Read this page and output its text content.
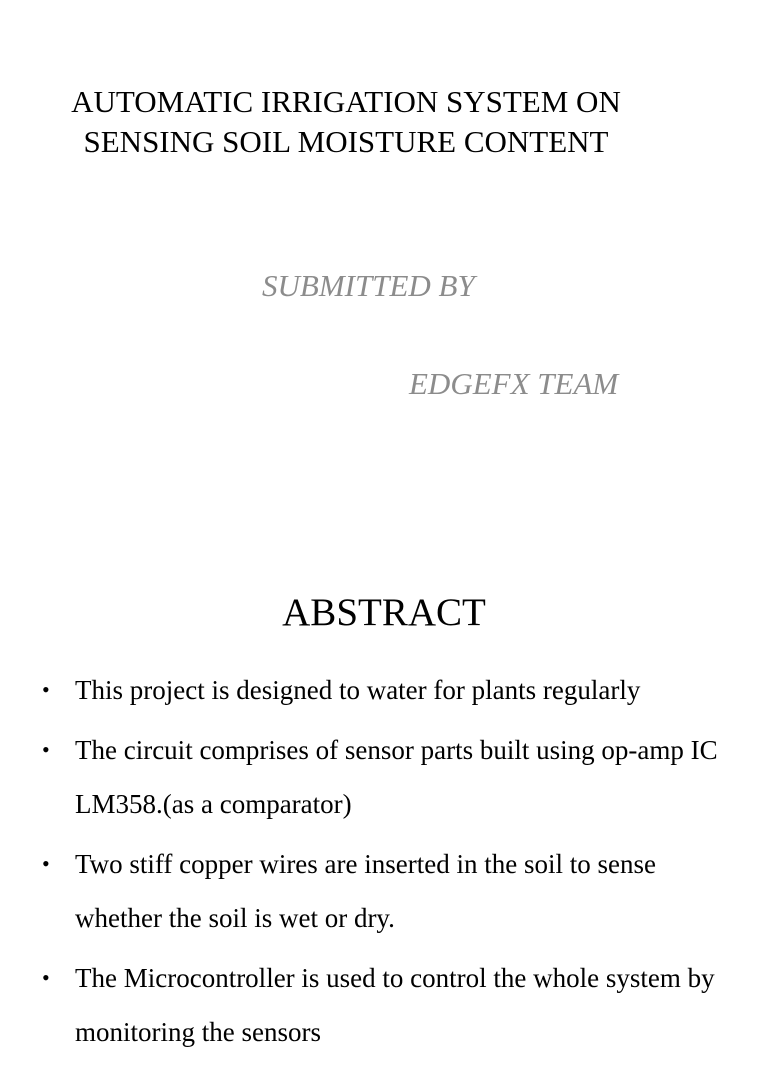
AUTOMATIC IRRIGATION SYSTEM ON
SENSING SOIL MOISTURE CONTENT

SUBMITTED BY

EDGEFX TEAM

ABSTRACT
• This project is designed to water for plants regularly
• The circuit comprises of sensor parts built using op-amp IC LM358.(as a comparator)
• Two stiff copper wires are inserted in the soil to sense whether the soil is wet or dry.
• The Microcontroller is used to control the whole system by monitoring the sensors
